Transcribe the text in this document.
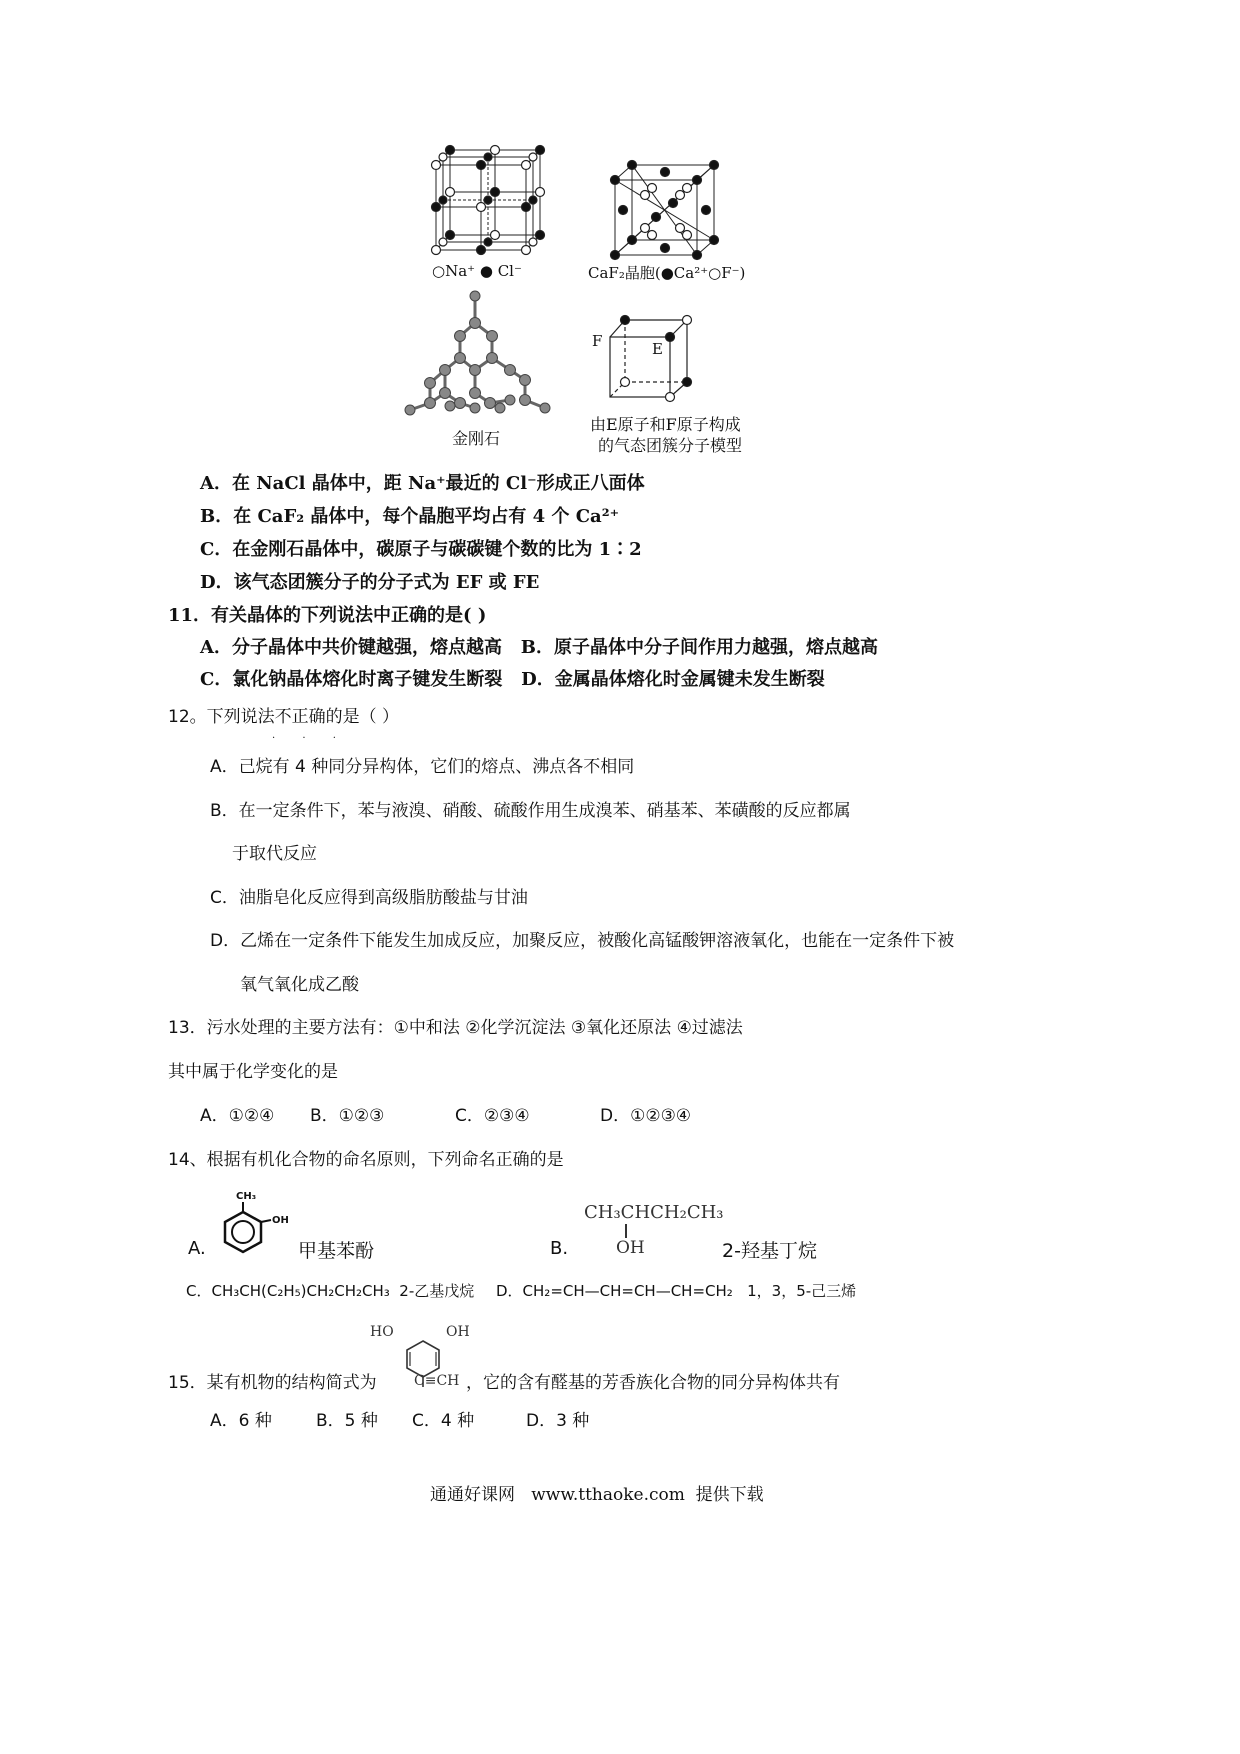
○Na⁺ ● Cl⁻	CaF₂晶胞(●Ca²⁺○F⁻)
金刚石
F	E
由E原子和F原子构成
的气态团簇分子模型
A．在 NaCl 晶体中，距 Na⁺最近的 Cl⁻形成正八面体
B．在 CaF₂ 晶体中，每个晶胞平均占有 4 个 Ca²⁺
C．在金刚石晶体中，碳原子与碳碳键个数的比为 1∶2
D．该气态团簇分子的分子式为 EF 或 FE
11．有关晶体的下列说法中正确的是( )
A．分子晶体中共价键越强，熔点越高   B．原子晶体中分子间作用力越强，熔点越高
C．氯化钠晶体熔化时离子键发生断裂   D．金属晶体熔化时金属键未发生断裂
12。下列说法不正确的是（ ）
. . .
A．己烷有 4 种同分异构体，它们的熔点、沸点各不相同
B．在一定条件下，苯与液溴、硝酸、硫酸作用生成溴苯、硝基苯、苯磺酸的反应都属
于取代反应
C．油脂皂化反应得到高级脂肪酸盐与甘油
D．乙烯在一定条件下能发生加成反应，加聚反应，被酸化高锰酸钾溶液氧化，也能在一定条件下被
氧气氧化成乙酸
13．污水处理的主要方法有：①中和法 ②化学沉淀法 ③氧化还原法 ④过滤法
其中属于化学变化的是
A．①②④ B．①②③	C．②③④	D．①②③④
14、根据有机化合物的命名原则，下列命名正确的是
A.
CH₃
OH
甲基苯酚	B.
CH₃CHCH₂CH₃
OH	2-羟基丁烷
C．CH₃CH(C₂H₅)CH₂CH₂CH₃  2-乙基戊烷 D．CH₂=CH—CH=CH—CH=CH₂   1，3，5-己三烯
HO	OH
C≡CH
15．某有机物的结构简式为	，它的含有醛基的芳香族化合物的同分异构体共有
A．6 种	B．5 种 C．4 种	D．3 种
通通好课网   www.tthaoke.com  提供下载
